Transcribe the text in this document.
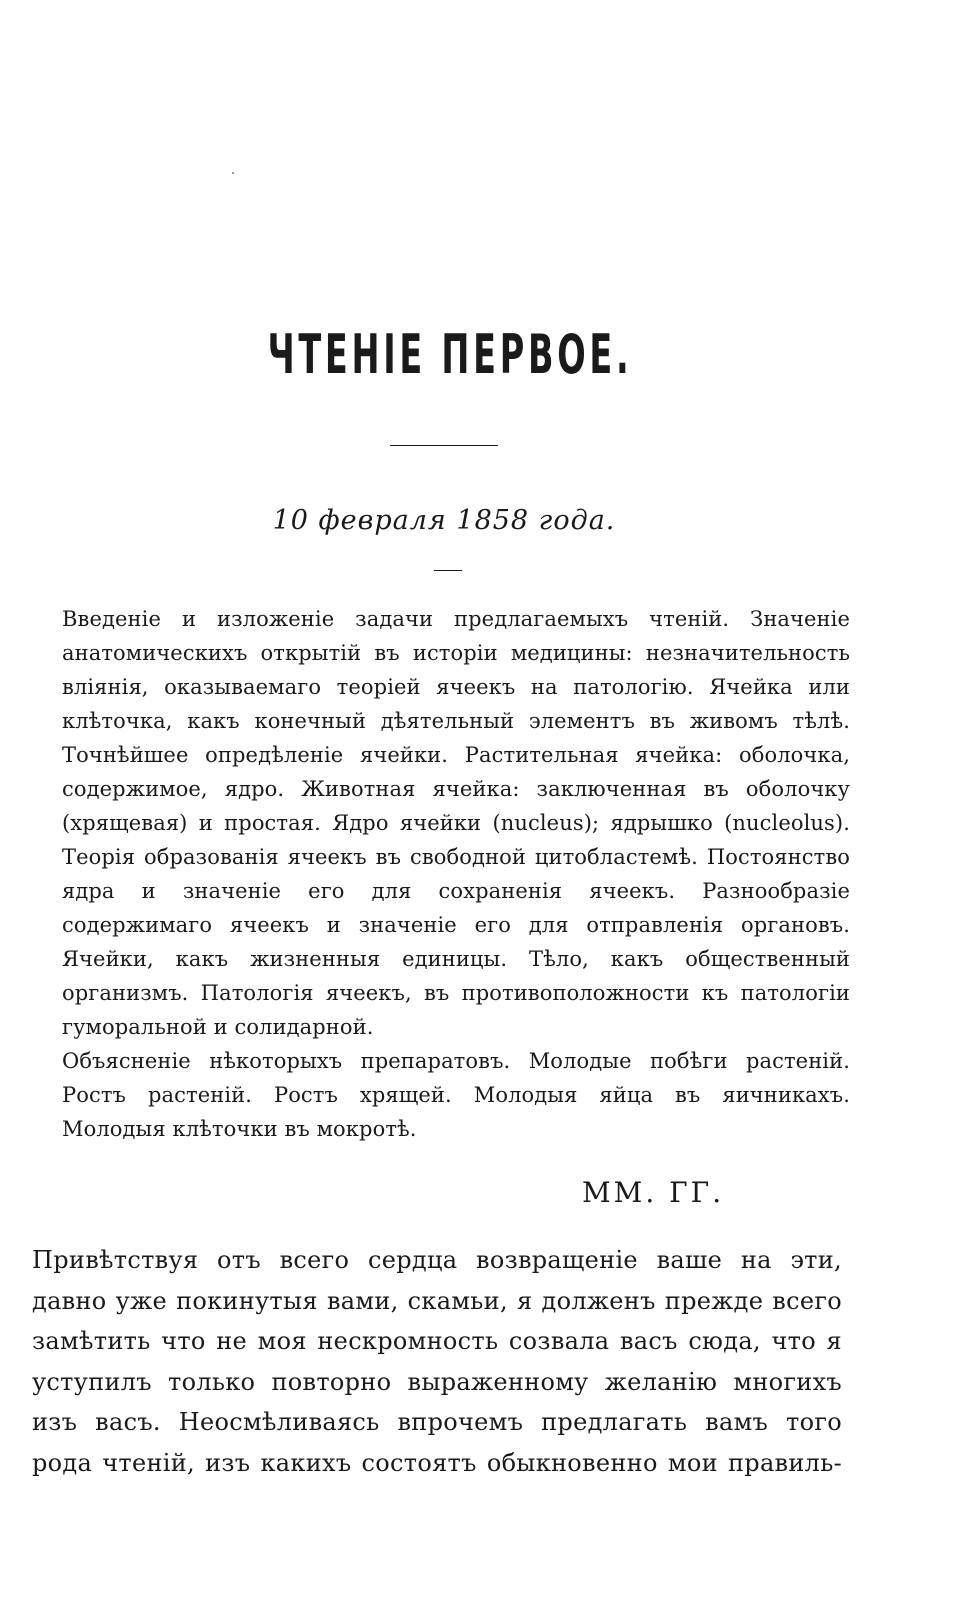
ЧТЕНІЕ ПЕРВОЕ.
10 февраля 1858 года.

Введеніе и изложеніе задачи предлагаемыхъ чтеній. Значеніе анатомическихъ открытій въ исторіи медицины: незначительность вліянія, оказываемаго теоріей ячеекъ на патологію. Ячейка или клѣточка, какъ конечный дѣятельный элементъ въ живомъ тѣлѣ. Точнѣйшее опредѣленіе ячейки. Растительная ячейка: оболочка, содержимое, ядро. Животная ячейка: заключенная въ оболочку (хрящевая) и простая. Ядро ячейки (nucleus); ядрышко (nucleolus). Теорія образованія ячеекъ въ свободной цитобластемѣ. Постоянство ядра и значеніе его для сохраненія ячеекъ. Разнообразіе содержимаго ячеекъ и значеніе его для отправленія органовъ. Ячейки, какъ жизненныя единицы. Тѣло, какъ общественный организмъ. Патологія ячеекъ, въ противоположности къ патологіи гуморальной и солидарной.

Объясненіе нѣкоторыхъ препаратовъ. Молодые побѣги растеній. Ростъ растеній. Ростъ хрящей. Молодыя яйца въ яичникахъ. Молодыя клѣточки въ мокротѣ.

ММ. ГГ.

Привѣтствуя отъ всего сердца возвращеніе ваше на эти, давно уже покинутыя вами, скамьи, я долженъ прежде всего замѣтить что не моя нескромность созвала васъ сюда, что я уступилъ только повторно выраженному желанію многихъ изъ васъ. Неосмѣливаясь впрочемъ предлагать вамъ того рода чтеній, изъ какихъ состоятъ обыкновенно мои правиль-
